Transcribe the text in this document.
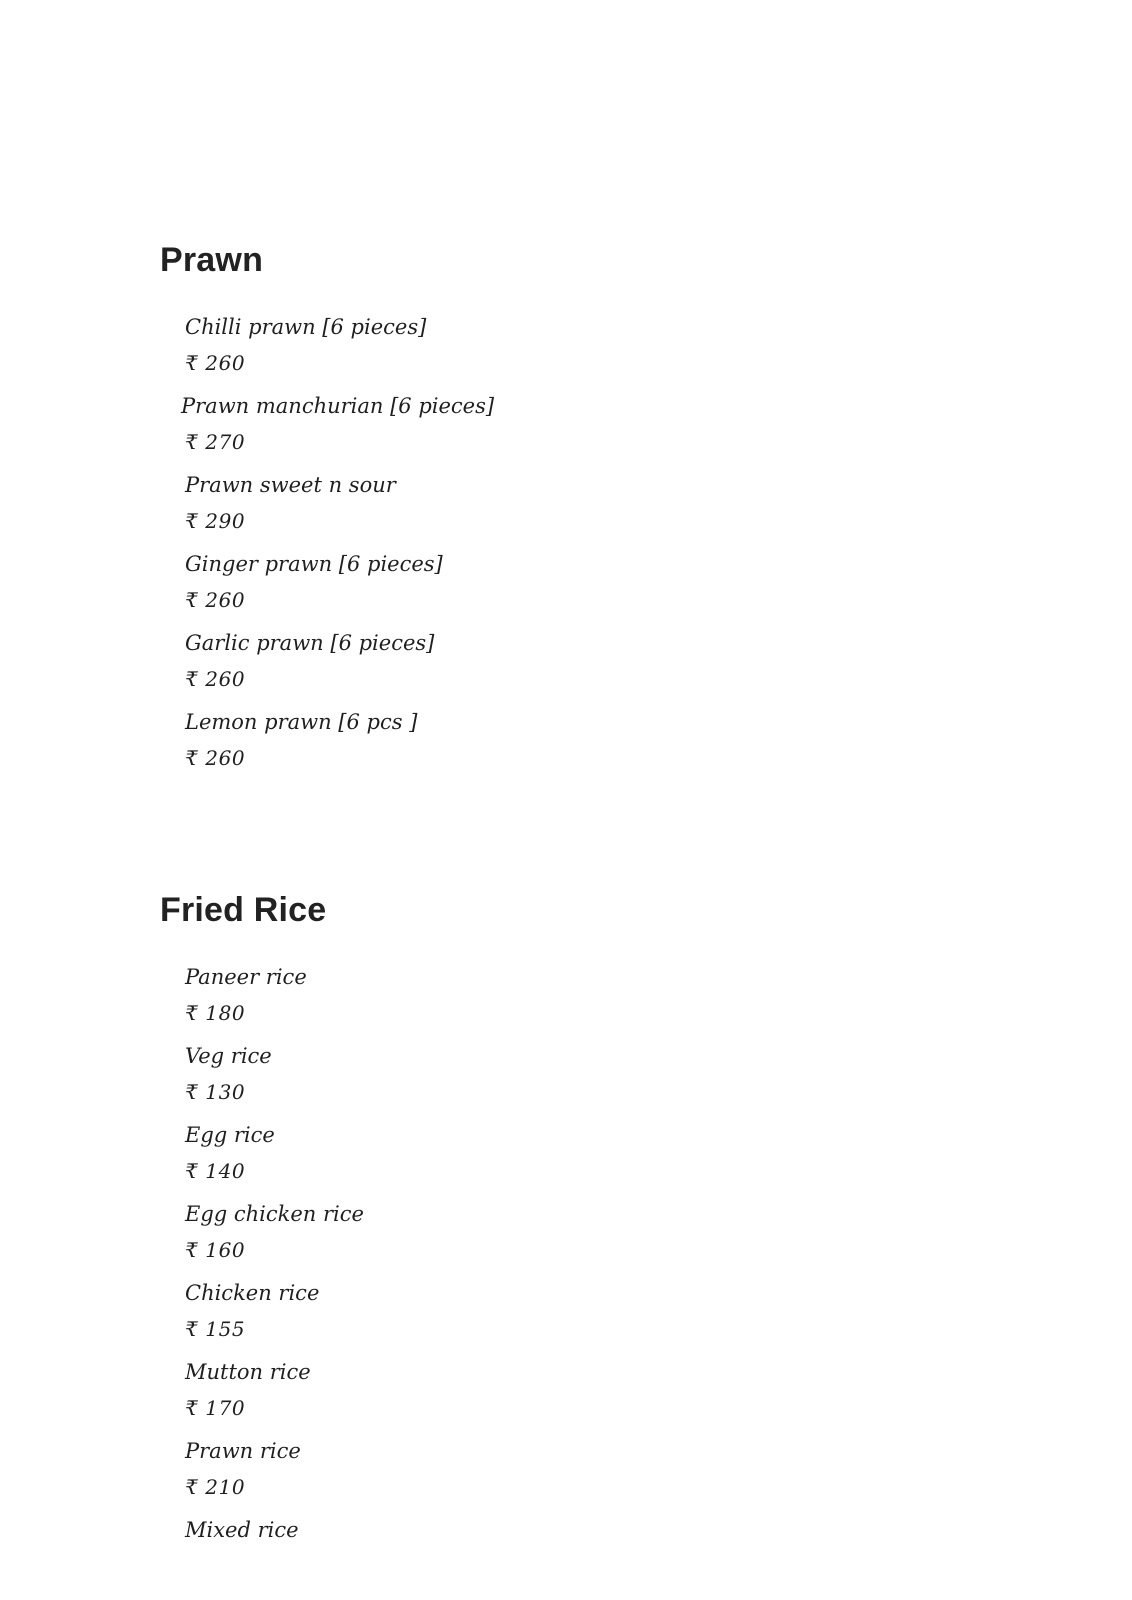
Prawn
Chilli prawn [6 pieces]
₹ 260
Prawn manchurian [6 pieces]
₹ 270
Prawn sweet n sour
₹ 290
Ginger prawn [6 pieces]
₹ 260
Garlic prawn [6 pieces]
₹ 260
Lemon prawn [6 pcs ]
₹ 260
Fried Rice
Paneer rice
₹ 180
Veg rice
₹ 130
Egg rice
₹ 140
Egg chicken rice
₹ 160
Chicken rice
₹ 155
Mutton rice
₹ 170
Prawn rice
₹ 210
Mixed rice
